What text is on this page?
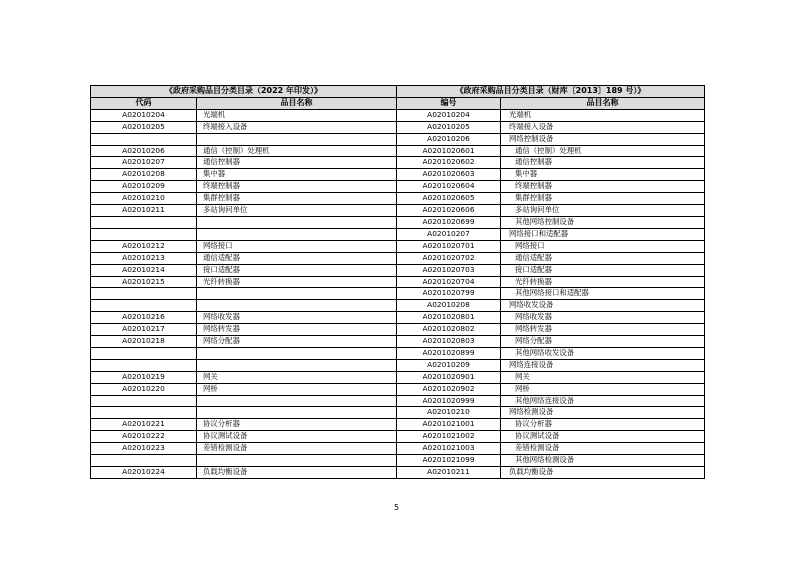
《政府采购品目分类目录（2022 年印发）》		《政府采购品目分类目录（财库〔2013〕189 号）》	
代码	品目名称	编号	品目名称
A02010204	光端机	A02010204	光端机
A02010205	终端接入设备	A02010205	终端接入设备
		A02010206	网络控制设备
A02010206	通信（控制）处理机	A0201020601	通信（控制）处理机
A02010207	通信控制器	A0201020602	通信控制器
A02010208	集中器	A0201020603	集中器
A02010209	终端控制器	A0201020604	终端控制器
A02010210	集群控制器	A0201020605	集群控制器
A02010211	多站询问单位	A0201020606	多站询问单位
		A0201020699	其他网络控制设备
		A02010207	网络接口和适配器
A02010212	网络接口	A0201020701	网络接口
A02010213	通信适配器	A0201020702	通信适配器
A02010214	接口适配器	A0201020703	接口适配器
A02010215	光纤转换器	A0201020704	光纤转换器
		A0201020799	其他网络接口和适配器
		A02010208	网络收发设备
A02010216	网络收发器	A0201020801	网络收发器
A02010217	网络转发器	A0201020802	网络转发器
A02010218	网络分配器	A0201020803	网络分配器
		A0201020899	其他网络收发设备
		A02010209	网络连接设备
A02010219	网关	A0201020901	网关
A02010220	网桥	A0201020902	网桥
		A0201020999	其他网络连接设备
		A02010210	网络检测设备
A02010221	协议分析器	A0201021001	协议分析器
A02010222	协议测试设备	A0201021002	协议测试设备
A02010223	差错检测设备	A0201021003	差错检测设备
		A0201021099	其他网络检测设备
A02010224	负载均衡设备	A02010211	负载均衡设备
5
